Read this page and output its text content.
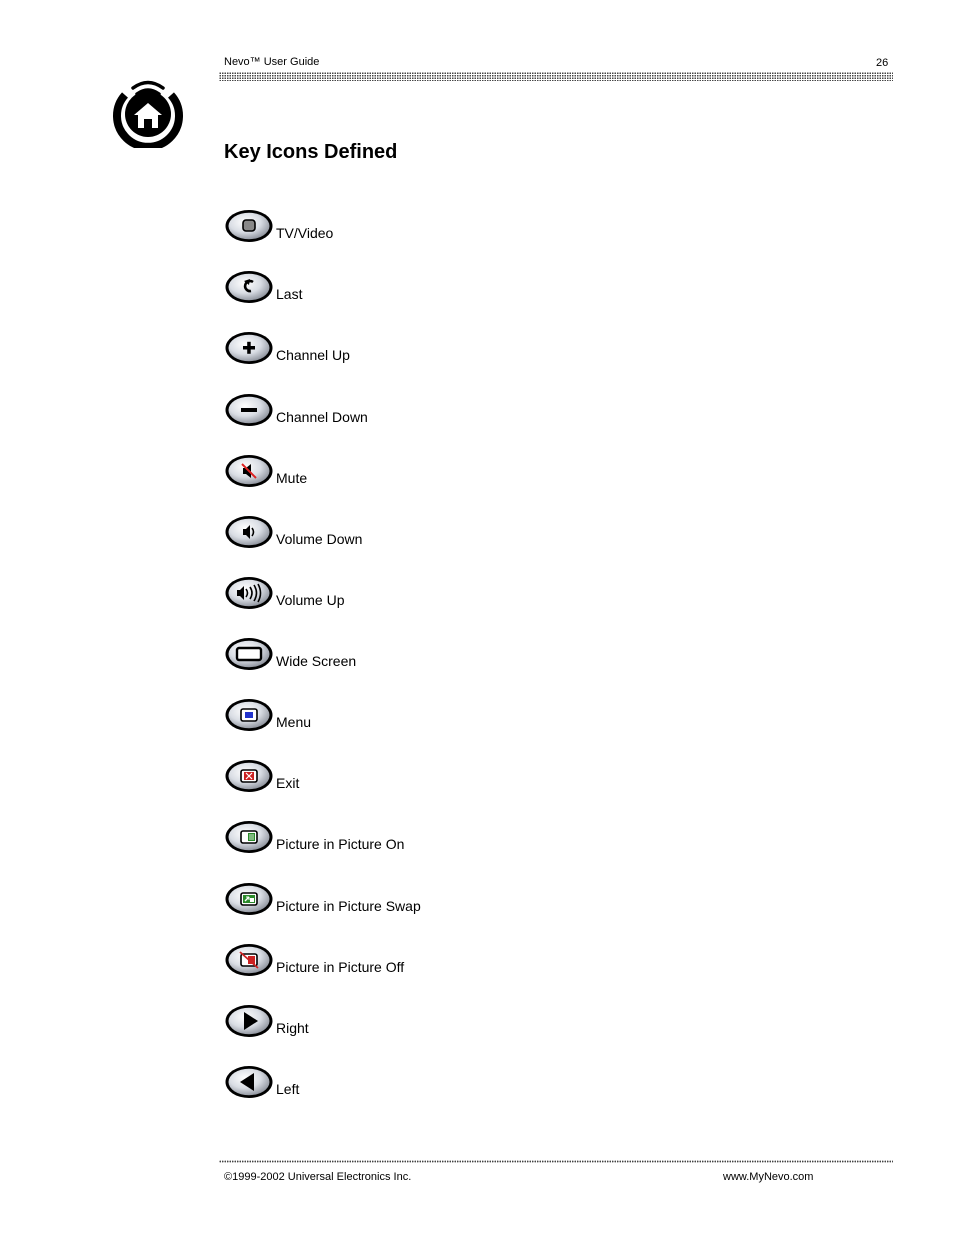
Nevo™ User Guide	26
Key Icons Defined
TV/Video
Last
Channel Up
Channel Down
Mute
Volume Down
Volume Up
Wide Screen
Menu
Exit
Picture in Picture On
Picture in Picture Swap
Picture in Picture Off
Right
Left
©1999-2002 Universal Electronics Inc.	www.MyNevo.com
